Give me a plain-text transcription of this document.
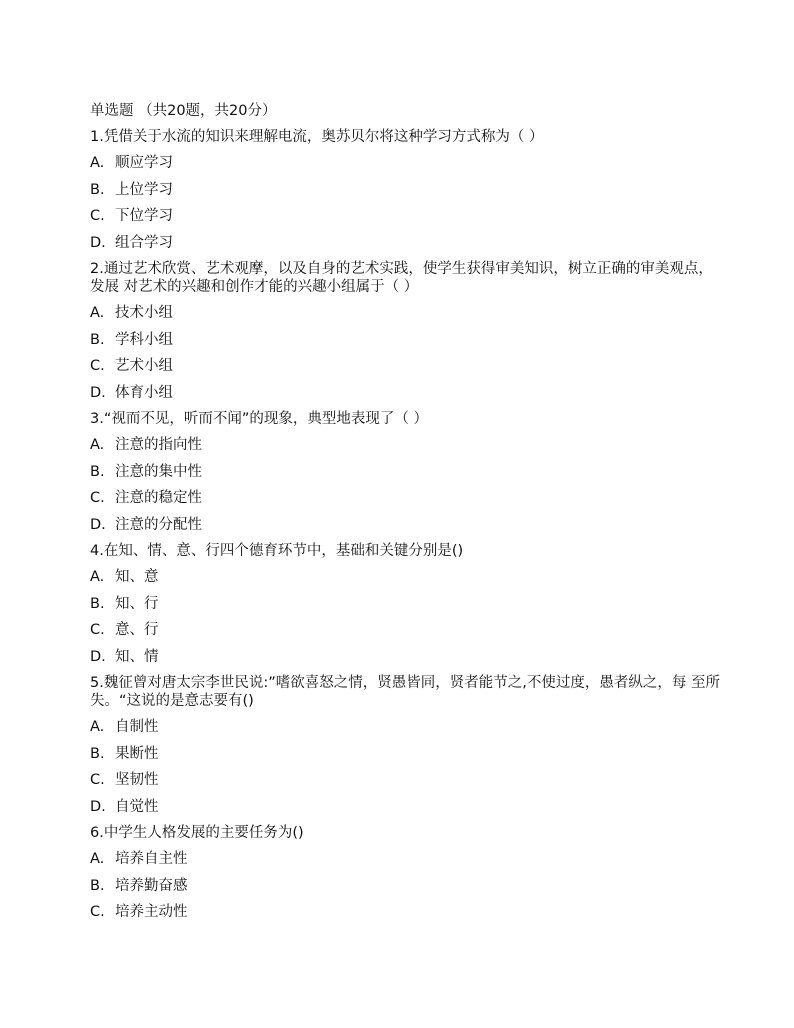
单选题 （共20题，共20分）
1.凭借关于水流的知识来理解电流，奥苏贝尔将这种学习方式称为（ ）
A. 顺应学习
B. 上位学习
C. 下位学习
D. 组合学习
2.通过艺术欣赏、艺术观摩，以及自身的艺术实践，使学生获得审美知识，树立正确的审美观点，发展 对艺术的兴趣和创作才能的兴趣小组属于（ ）
A. 技术小组
B. 学科小组
C. 艺术小组
D. 体育小组
3.“视而不见，听而不闻”的现象，典型地表现了（ ）
A. 注意的指向性
B. 注意的集中性
C. 注意的稳定性
D. 注意的分配性
4.在知、情、意、行四个德育环节中，基础和关键分别是()
A. 知、意
B. 知、行
C. 意、行
D. 知、情
5.魏征曾对唐太宗李世民说:”嗜欲喜怒之情，贤愚皆同，贤者能节之,不使过度，愚者纵之，每 至所失。“这说的是意志要有()
A. 自制性
B. 果断性
C. 坚韧性
D. 自觉性
6.中学生人格发展的主要任务为()
A. 培养自主性
B. 培养勤奋感
C. 培养主动性
